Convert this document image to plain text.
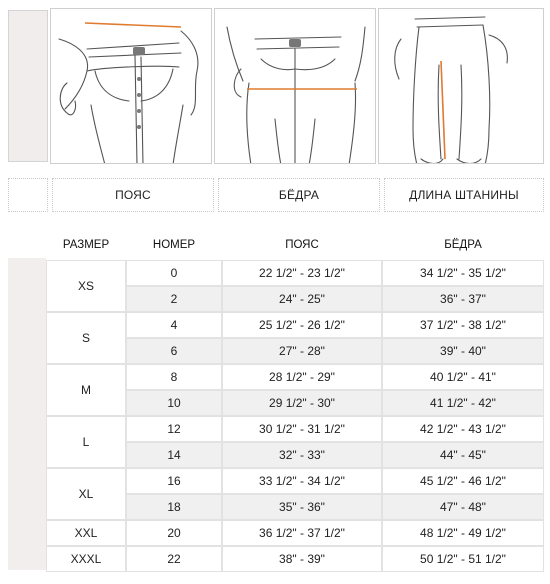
ПОЯС	БЁДРА	ДЛИНА ШТАНИНЫ
РАЗМЕР	НОМЕР	ПОЯС	БЁДРА
XS
0	22 1/2" - 23 1/2"	34 1/2" - 35 1/2"
2	24" - 25"	36" - 37"
S
4	25 1/2" - 26 1/2"	37 1/2" - 38 1/2"
6	27" - 28"	39" - 40"
M
8	28 1/2" - 29"	40 1/2" - 41"
10	29 1/2" - 30"	41 1/2" - 42"
L
12	30 1/2" - 31 1/2"	42 1/2" - 43 1/2"
14	32" - 33"	44" - 45"
XL
16	33 1/2" - 34 1/2"	45 1/2" - 46 1/2"
18	35" - 36"	47" - 48"
XXL	20	36 1/2" - 37 1/2"	48 1/2" - 49 1/2"
XXXL	22	38" - 39"	50 1/2" - 51 1/2"
